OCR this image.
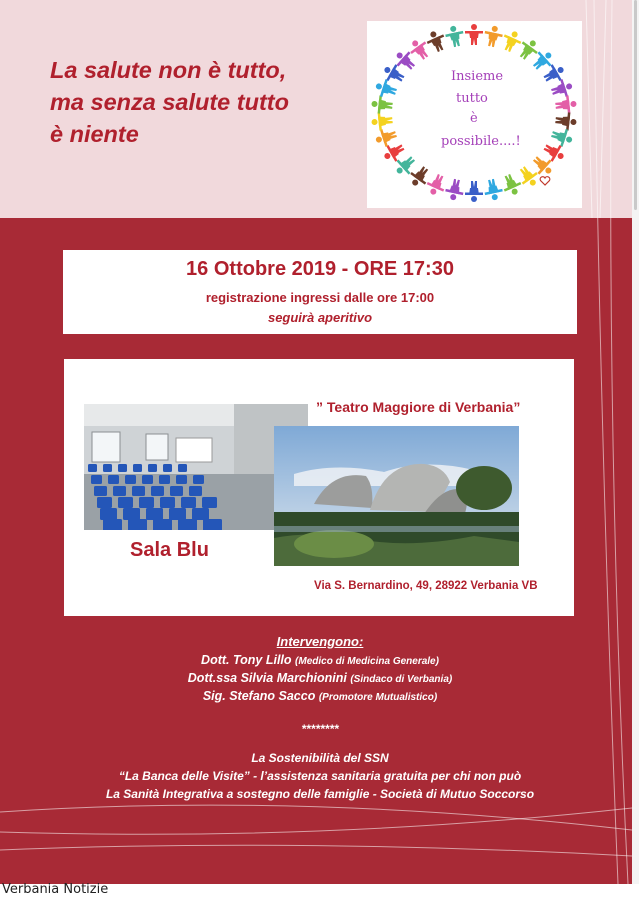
La salute non è tutto,
ma senza salute tutto
è niente
Insieme
tutto
è
possibile....!
16 Ottobre 2019 - ORE 17:30
registrazione ingressi dalle ore 17:00
seguirà aperitivo
” Teatro Maggiore di Verbania”
Sala Blu
Via S. Bernardino, 49, 28922 Verbania VB
Intervengono:
Dott. Tony Lillo (Medico di Medicina Generale)
Dott.ssa Silvia Marchionini (Sindaco di Verbania)
Sig. Stefano Sacco (Promotore Mutualistico)
********
La Sostenibilità del SSN
“La Banca delle Visite” - l’assistenza sanitaria gratuita per chi non può
La Sanità Integrativa a sostegno delle famiglie - Società di Mutuo Soccorso
Verbania Notizie
